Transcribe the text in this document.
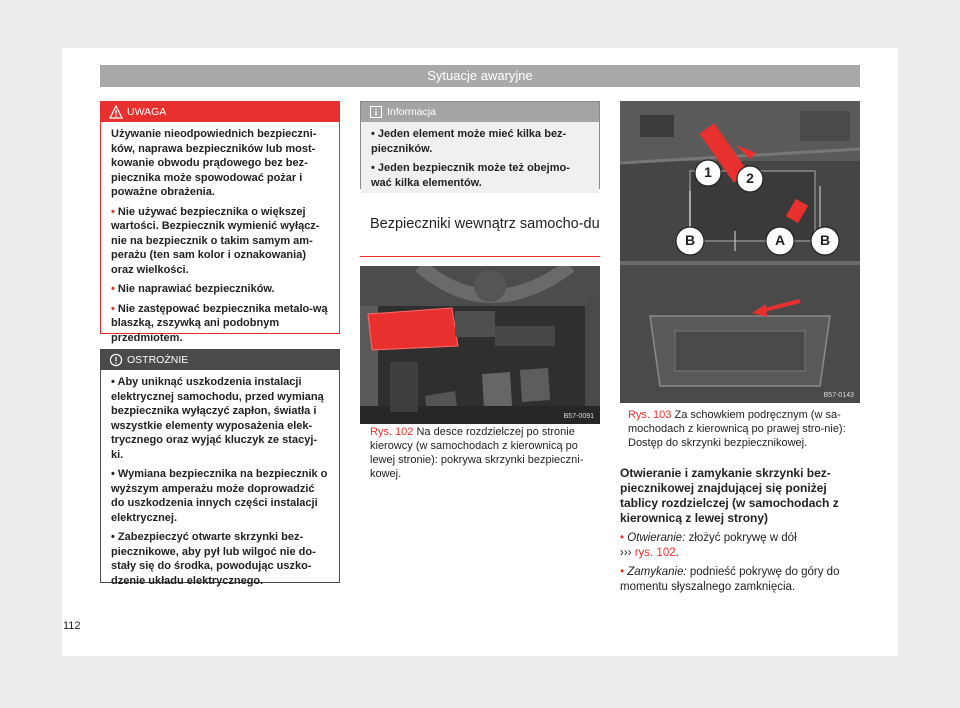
Sytuacje awaryjne
UWAGA

Używanie nieodpowiednich bezpieczni-ków, naprawa bezpieczników lub most-kowanie obwodu prądowego bez bez-piecznika może spowodować pożar i poważne obrażenia.

• Nie używać bezpiecznika o większej wartości. Bezpiecznik wymienić wyłącz-nie na bezpiecznik o takim samym am-perażu (ten sam kolor i oznakowania) oraz wielkości.

• Nie naprawiać bezpieczników.

• Nie zastępować bezpiecznika metalo-wą blaszką, zszywką ani podobnym przedmiotem.

OSTROŻNIE

• Aby uniknąć uszkodzenia instalacji elektrycznej samochodu, przed wymianą bezpiecznika wyłączyć zapłon, światła i wszystkie elementy wyposażenia elek-trycznego oraz wyjąć kluczyk ze stacyj-ki.

• Wymiana bezpiecznika na bezpiecznik o wyższym amperażu może doprowadzić do uszkodzenia innych części instalacji elektrycznej.

• Zabezpieczyć otwarte skrzynki bez-piecznikowe, aby pył lub wilgoć nie do-stały się do środka, powodując uszko-dzenie układu elektrycznego.

Informacja

• Jeden element może mieć kilka bez-pieczników.

• Jeden bezpiecznik może też obejmo-wać kilka elementów.

Bezpieczniki wewnątrz samocho-du
B57-0091
Rys. 102 Na desce rozdzielczej po stronie kierowcy (w samochodach z kierownicą po lewej stronie): pokrywa skrzynki bezpieczni-kowej.
1 2
B	A B
B57-0143
Rys. 103 Za schowkiem podręcznym (w sa-mochodach z kierownicą po prawej stro-nie): Dostęp do skrzynki bezpiecznikowej.
Otwieranie i zamykanie skrzynki bez-piecznikowej znajdującej się poniżej tablicy rozdzielczej (w samochodach z kierownicą z lewej strony)

• Otwieranie: złożyć pokrywę w dół
››› rys. 102.

• Zamykanie: podnieść pokrywę do góry do momentu słyszalnego zamknięcia.

112
